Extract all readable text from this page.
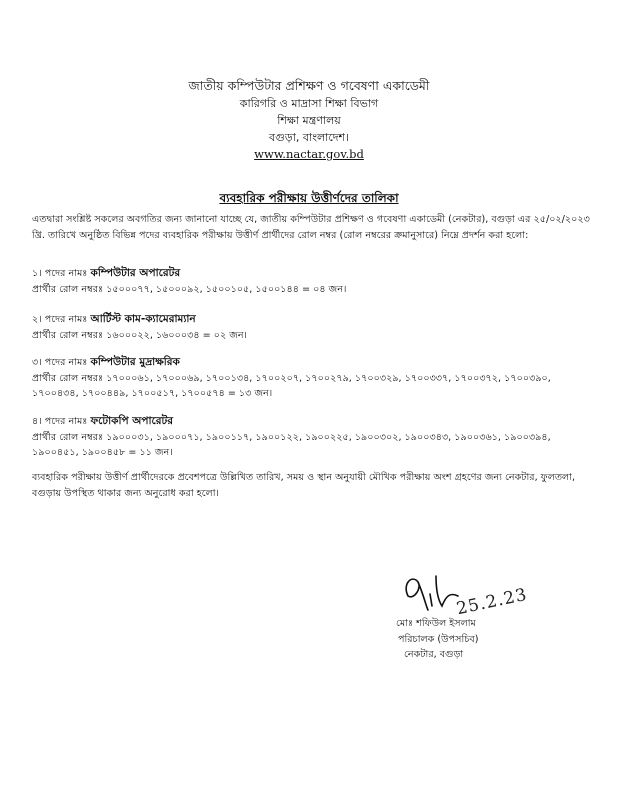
জাতীয় কম্পিউটার প্রশিক্ষণ ও গবেষণা একাডেমী
কারিগরি ও মাদ্রাসা শিক্ষা বিভাগ
শিক্ষা মন্ত্রণালয়
বগুড়া, বাংলাদেশ।
www.nactar.gov.bd
ব্যবহারিক পরীক্ষায় উত্তীর্ণদের তালিকা
এতদ্বারা সংশ্লিষ্ট সকলের অবগতির জন্য জানানো যাচ্ছে যে, জাতীয় কম্পিউটার প্রশিক্ষণ ও গবেষণা একাডেমী (নেকটার), বগুড়া এর ২৫/০২/২০২৩ খ্রি. তারিখে অনুষ্ঠিত বিভিন্ন পদের ব্যবহারিক পরীক্ষায় উত্তীর্ণ প্রার্থীদের রোল নম্বর (রোল নম্বরের ক্রমানুসারে) নিম্নে প্রদর্শন করা হলো:
১। পদের নামঃ কম্পিউটার অপারেটর
প্রার্থীর রোল নম্বরঃ ১৫০০০৭৭, ১৫০০০৯২, ১৫০০১০৫, ১৫০০১৪৪ = ০৪ জন।
২। পদের নামঃ আর্টিস্ট কাম-ক্যামেরাম্যান
প্রার্থীর রোল নম্বরঃ ১৬০০০২২, ১৬০০০৩৪ = ০২ জন।
৩। পদের নামঃ কম্পিউটার মুদ্রাক্ষরিক
প্রার্থীর রোল নম্বরঃ ১৭০০০৬১, ১৭০০০৬৯, ১৭০০১৩৪, ১৭০০২০৭, ১৭০০২৭৯, ১৭০০৩২৯, ১৭০০৩৩৭, ১৭০০৩৭২, ১৭০০৩৯০, ১৭০০৪৩৪, ১৭০০৪৪৯, ১৭০০৫১৭, ১৭০০৫৭৪ = ১৩ জন।
৪। পদের নামঃ ফটোকপি অপারেটর
প্রার্থীর রোল নম্বরঃ ১৯০০০৩১, ১৯০০০৭১, ১৯০০১১৭, ১৯০০১২২, ১৯০০২২৫, ১৯০০৩০২, ১৯০০৩৪৩, ১৯০০৩৬১, ১৯০০৩৯৪, ১৯০০৪৫১, ১৯০০৪৫৮ = ১১ জন।
ব্যবহারিক পরীক্ষায় উত্তীর্ণ প্রার্থীদেরকে প্রবেশপত্রে উল্লিখিত তারিখ, সময় ও স্থান অনুযায়ী মৌখিক পরীক্ষায় অংশ গ্রহণের জন্য নেকটার, ফুলতলা, বগুড়ায় উপস্থিত থাকার জন্য অনুরোধ করা হলো।
25.2.23
মোঃ শফিউল ইসলাম
পরিচালক (উপসচিব)
নেকটার, বগুড়া
